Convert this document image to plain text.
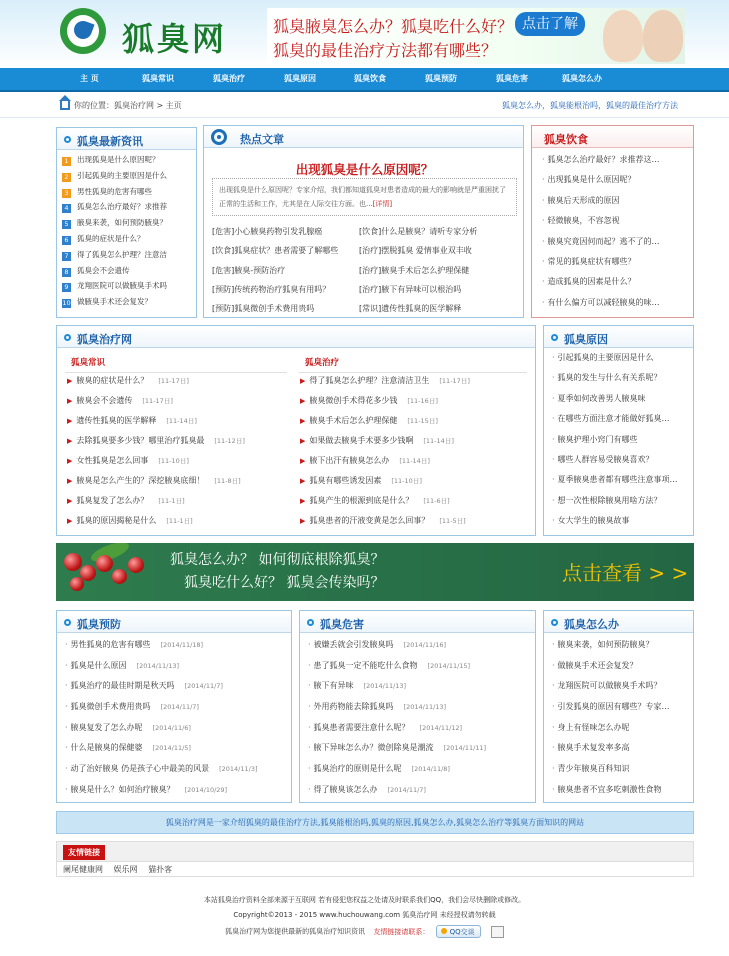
狐臭网	狐臭腋臭怎么办？狐臭吃什么好？
狐臭的最佳治疗方法都有哪些？
点击了解
主 页	狐臭常识	狐臭治疗	狐臭原因	狐臭饮食	狐臭预防	狐臭危害	狐臭怎么办
你的位置：狐臭治疗网 > 主页	狐臭怎么办，狐臭能根治吗，狐臭的最佳治疗方法
狐臭最新资讯
1 出现狐臭是什么原因呢？
2 引起狐臭的主要原因是什么
3 男性狐臭的危害有哪些
4 狐臭怎么治疗最好？求推荐
5 腋臭来袭，如何预防腋臭？
6 狐臭的症状是什么？
7 得了狐臭怎么护理？注意洁
8 狐臭会不会遗传
9 龙翔医院可以做腋臭手术吗
10 做腋臭手术还会复发？
热点文章
出现狐臭是什么原因呢？
出现狐臭是什么原因呢？专家介绍，我们都知道狐臭对患者造成的最大的影响就是严重困扰了正常的生活和工作，尤其是在人际交往方面。也...[详情]
[危害]小心腋臭药物引发乳腺癌
[饮食]狐臭症状？患者需要了解哪些
[危害]腋臭-预防治疗
[预防]传统药物治疗狐臭有用吗？
[预防]狐臭微创手术费用贵吗
[饮食]什么是腋臭？请听专家分析
[治疗]摆脱狐臭 爱情事业双丰收
[治疗]腋臭手术后怎么护理保健
[治疗]腋下有异味可以根治吗
[常识]遗传性狐臭的医学解释
狐臭饮食
· 狐臭怎么治疗最好？求推荐这…
· 出现狐臭是什么原因呢？
· 腋臭后天形成的原因
· 轻微腋臭，不容忽视
· 腋臭究竟因何而起？逃不了的…
· 常见的狐臭症状有哪些？
· 造成狐臭的因素是什么？
· 有什么偏方可以减轻腋臭的味…
狐臭治疗网
狐臭常识	狐臭治疗
▶ 腋臭的症状是什么？ [11-17日]
▶ 腋臭会不会遗传 [11-17日]
▶ 遗传性狐臭的医学解释 [11-14日]
▶ 去除狐臭要多少钱？哪里治疗狐臭最 [11-12日]
▶ 女性狐臭是怎么回事 [11-10日]
▶ 腋臭是怎么产生的？深挖腋臭底细！ [11-8日]
▶ 狐臭复发了怎么办？ [11-1日]
▶ 狐臭的原因揭秘是什么 [11-1日]
▶ 得了狐臭怎么护理？注意清洁卫生 [11-17日]
▶ 腋臭微创手术得花多少钱 [11-16日]
▶ 腋臭手术后怎么护理保健 [11-15日]
▶ 如果做去腋臭手术要多少钱啊 [11-14日]
▶ 腋下出汗有腋臭怎么办 [11-14日]
▶ 狐臭有哪些诱发因素 [11-10日]
▶ 狐臭产生的根源到底是什么？ [11-6日]
▶ 狐臭患者的汗液变黄是怎么回事？ [11-5日]
狐臭原因
· 引起狐臭的主要原因是什么
· 狐臭的发生与什么有关系呢？
· 夏季如何改善男人腋臭味
· 在哪些方面注意才能做好狐臭…
· 腋臭护理小窍门有哪些
· 哪些人群容易受腋臭喜欢？
· 夏季腋臭患者都有哪些注意事项…
· 想一次性根除腋臭用啥方法？
· 女大学生的腋臭故事
狐臭怎么办？ 如何彻底根除狐臭？
狐臭吃什么好？ 狐臭会传染吗？	点击查看 > >
狐臭预防
· 男性狐臭的危害有哪些 [2014/11/18]
· 狐臭是什么原因 [2014/11/13]
· 狐臭治疗的最佳时期是秋天吗 [2014/11/7]
· 狐臭微创手术费用贵吗 [2014/11/7]
· 腋臭复发了怎么办呢 [2014/11/6]
· 什么是腋臭的保健婆 [2014/11/5]
· 动了治好腋臭 仍是孩子心中最美的风景 [2014/11/3]
· 腋臭是什么？如何治疗腋臭？ [2014/10/29]
狐臭危害
· 被嫌丢就会引发腋臭吗 [2014/11/16]
· 患了狐臭一定不能吃什么食物 [2014/11/15]
· 腋下有异味 [2014/11/13]
· 外用药物能去除狐臭吗 [2014/11/13]
· 狐臭患者需要注意什么呢？ [2014/11/12]
· 腋下异味怎么办？微创除臭是潮流 [2014/11/11]
· 狐臭治疗的原则是什么呢 [2014/11/8]
· 得了腋臭该怎么办 [2014/11/7]
狐臭怎么办
· 腋臭来袭，如何预防腋臭？
· 做腋臭手术还会复发？
· 龙翔医院可以做腋臭手术吗？
· 引发狐臭的原因有哪些？专家…
· 身上有怪味怎么办呢
· 腋臭手术复发率多高
· 青少年腋臭百科知识
· 腋臭患者不宜多吃刺激性食物
狐臭治疗网是一家介绍狐臭的最佳治疗方法,狐臭能根治吗,狐臭的原因,狐臭怎么办,狐臭怎么治疗等狐臭方面知识的网站
友情链接
阑尾健康网 娱乐网 猫扑客
本站狐臭治疗资料全部来源于互联网 若有侵犯您权益之处请及时联系我们QQ，我们会尽快删除或修改。
Copyright©2013 - 2015 www.huchouwang.com 狐臭治疗网 未经授权请勿转载
狐臭治疗网为您提供最新的狐臭治疗知识资讯 友情链接请联系：	QQ交谈
